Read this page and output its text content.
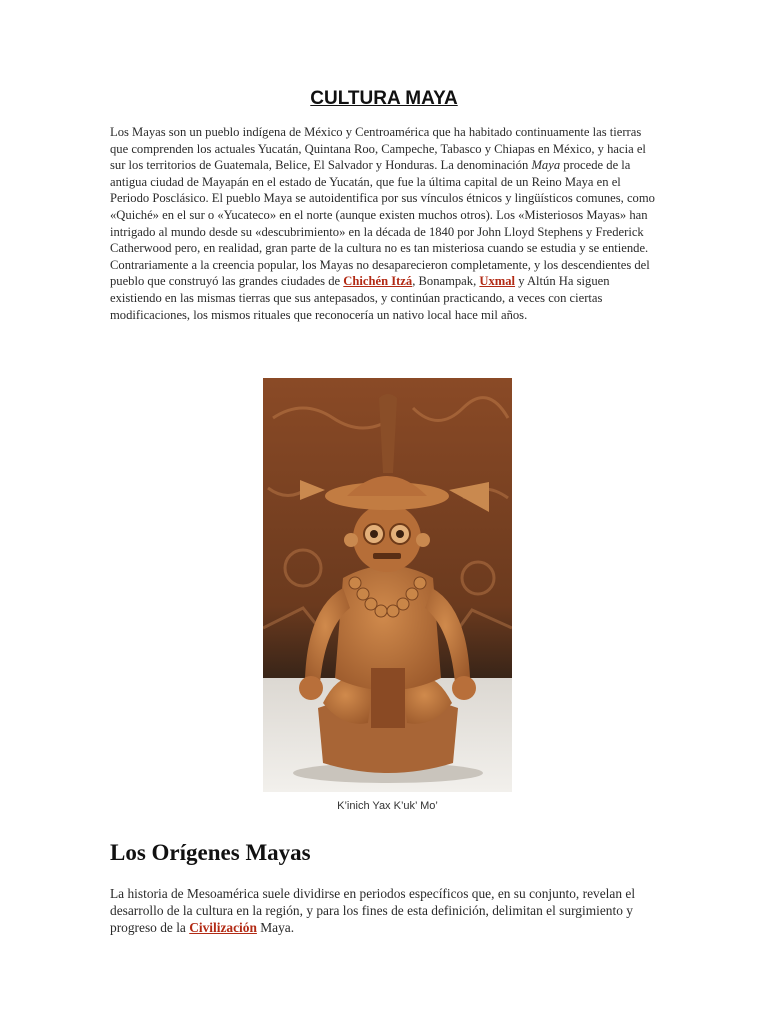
CULTURA MAYA

Los Mayas son un pueblo indígena de México y Centroamérica que ha habitado continuamente las tierras que comprenden los actuales Yucatán, Quintana Roo, Campeche, Tabasco y Chiapas en México, y hacia el sur los territorios de Guatemala, Belice, El Salvador y Honduras. La denominación Maya procede de la antigua ciudad de Mayapán en el estado de Yucatán, que fue la última capital de un Reino Maya en el Periodo Posclásico. El pueblo Maya se autoidentifica por sus vínculos étnicos y lingüísticos comunes, como «Quiché» en el sur o «Yucateco» en el norte (aunque existen muchos otros). Los «Misteriosos Mayas» han intrigado al mundo desde su «descubrimiento» en la década de 1840 por John Lloyd Stephens y Frederick Catherwood pero, en realidad, gran parte de la cultura no es tan misteriosa cuando se estudia y se entiende. Contrariamente a la creencia popular, los Mayas no desaparecieron completamente, y los descendientes del pueblo que construyó las grandes ciudades de Chichén Itzá, Bonampak, Uxmal y Altún Ha siguen existiendo en las mismas tierras que sus antepasados, y continúan practicando, a veces con ciertas modificaciones, los mismos rituales que reconocería un nativo local hace mil años.

K’inich Yax K’uk’ Mo’

Los Orígenes Mayas

La historia de Mesoamérica suele dividirse en periodos específicos que, en su conjunto, revelan el desarrollo de la cultura en la región, y para los fines de esta definición, delimitan el surgimiento y progreso de la Civilización Maya.
